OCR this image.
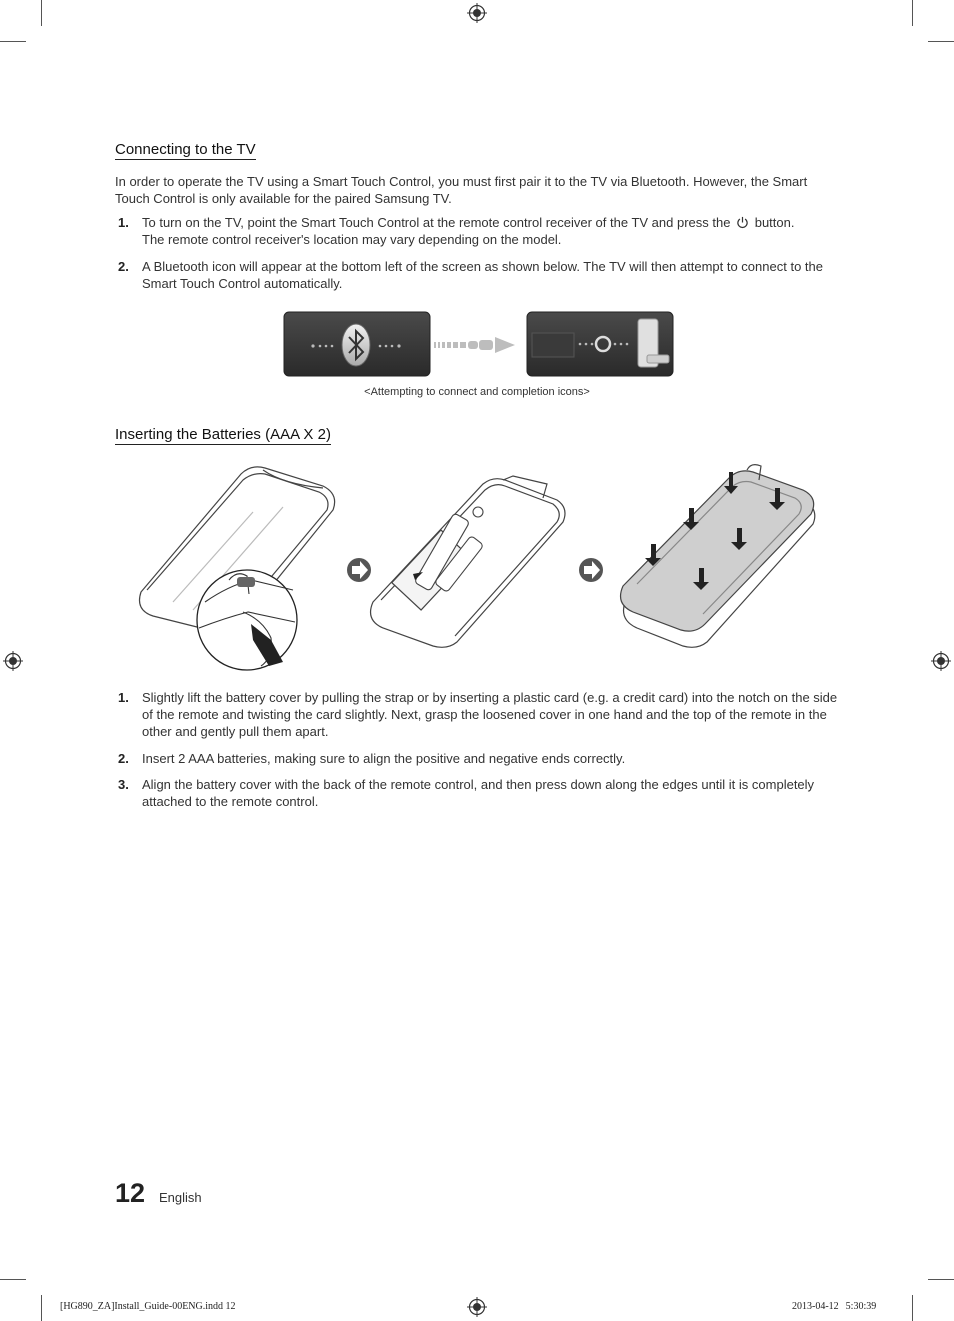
Connecting to the TV

In order to operate the TV using a Smart Touch Control, you must first pair it to the TV via Bluetooth. However, the Smart Touch Control is only available for the paired Samsung TV.

1. To turn on the TV, point the Smart Touch Control at the remote control receiver of the TV and press the button.
The remote control receiver's location may vary depending on the model.
2. A Bluetooth icon will appear at the bottom left of the screen as shown below. The TV will then attempt to connect to the Smart Touch Control automatically.
<Attempting to connect and completion icons>
Inserting the Batteries (AAA X 2)
1. Slightly lift the battery cover by pulling the strap or by inserting a plastic card (e.g. a credit card) into the notch on the side of the remote and twisting the card slightly. Next, grasp the loosened cover in one hand and the top of the remote in the other and gently pull them apart.
2. Insert 2 AAA batteries, making sure to align the positive and negative ends correctly.
3. Align the battery cover with the back of the remote control, and then press down along the edges until it is completely attached to the remote control.
12 English
[HG890_ZA]Install_Guide-00ENG.indd 12	2013-04-12   5:30:39
